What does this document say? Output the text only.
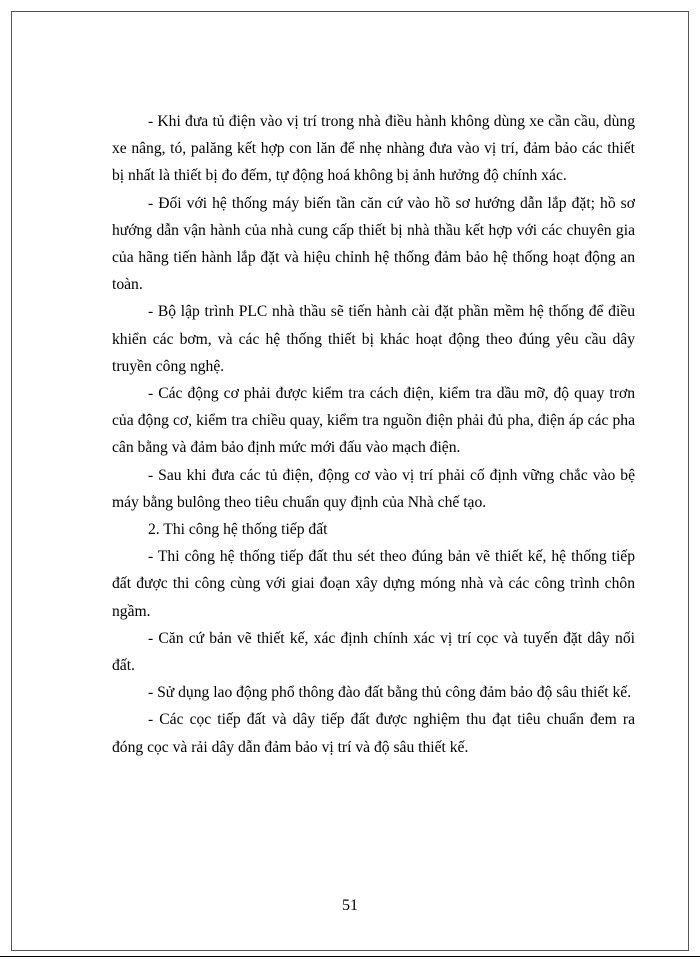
- Khi đưa tủ điện vào vị trí trong nhà điều hành không dùng xe cần cầu, dùng xe nâng, tó, palăng kết hợp con lăn để nhẹ nhàng đưa vào vị trí, đảm bảo các thiết bị nhất là thiết bị đo đếm, tự động hoá không bị ảnh hưởng độ chính xác.

- Đối với hệ thống máy biến tần căn cứ vào hồ sơ hướng dẫn lắp đặt; hồ sơ hướng dẫn vận hành của nhà cung cấp thiết bị nhà thầu kết hợp với các chuyên gia của hãng tiến hành lắp đặt và hiệu chỉnh hệ thống đảm bảo hệ thống hoạt động an toàn.

- Bộ lập trình PLC nhà thầu sẽ tiến hành cài đặt phần mềm hệ thống để điều khiển các bơm, và các hệ thống thiết bị khác hoạt động theo đúng yêu cầu dây truyền công nghệ.

- Các động cơ phải được kiểm tra cách điện, kiểm tra dầu mỡ, độ quay trơn của động cơ, kiểm tra chiều quay, kiểm tra nguồn điện phải đủ pha, điện áp các pha cân bằng và đảm bảo định mức mới đấu vào mạch điện.

- Sau khi đưa các tủ điện, động cơ vào vị trí phải cố định vững chắc vào bệ máy bằng bulông theo tiêu chuẩn quy định của Nhà chế tạo.

2. Thi công hệ thống tiếp đất

- Thi công hệ thống tiếp đất thu sét theo đúng bản vẽ thiết kế, hệ thống tiếp đất được thi công cùng với giai đoạn xây dựng móng nhà và các công trình chôn ngầm.

- Căn cứ bản vẽ thiết kế, xác định chính xác vị trí cọc và tuyến đặt dây nối đất.

- Sử dụng lao động phổ thông đào đất bằng thủ công đảm bảo độ sâu thiết kế.

- Các cọc tiếp đất và dây tiếp đất được nghiệm thu đạt tiêu chuẩn đem ra đóng cọc và rải dây dẫn đảm bảo vị trí và độ sâu thiết kế.

51
